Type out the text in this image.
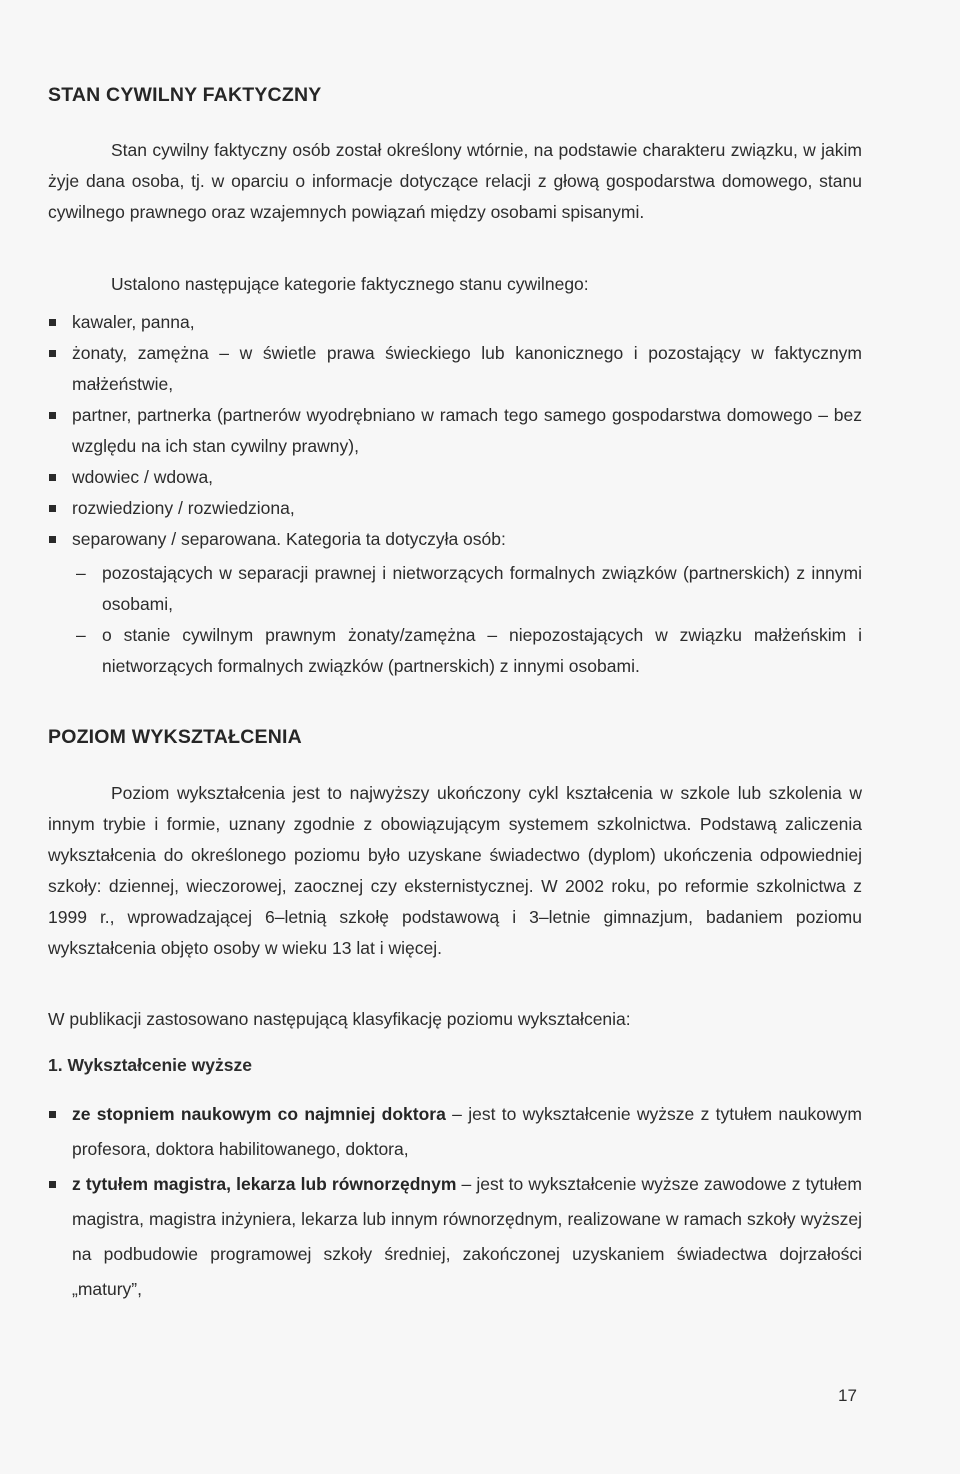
STAN CYWILNY FAKTYCZNY

Stan cywilny faktyczny osób został określony wtórnie, na podstawie charakteru związku, w jakim żyje dana osoba, tj. w oparciu o informacje dotyczące relacji z głową gospodarstwa domowego, stanu cywilnego prawnego oraz wzajemnych powiązań między osobami spisanymi.

Ustalono następujące kategorie faktycznego stanu cywilnego:

kawaler, panna,
żonaty, zamężna – w świetle prawa świeckiego lub kanonicznego i pozostający w faktycznym małżeństwie,
partner, partnerka (partnerów wyodrębniano w ramach tego samego gospodarstwa domowego – bez względu na ich stan cywilny prawny),
wdowiec / wdowa,
rozwiedziony / rozwiedziona,
separowany / separowana. Kategoria ta dotyczyła osób:
– pozostających w separacji prawnej i nietworzących formalnych związków (partnerskich) z innymi osobami,
– o stanie cywilnym prawnym żonaty/zamężna – niepozostających w związku małżeńskim i nietworzących formalnych związków (partnerskich) z innymi osobami.
POZIOM WYKSZTAŁCENIA

Poziom wykształcenia jest to najwyższy ukończony cykl kształcenia w szkole lub szkolenia w innym trybie i formie, uznany zgodnie z obowiązującym systemem szkolnictwa. Podstawą zaliczenia wykształcenia do określonego poziomu było uzyskane świadectwo (dyplom) ukończenia odpowiedniej szkoły: dziennej, wieczorowej, zaocznej czy eksternistycznej. W 2002 roku, po reformie szkolnictwa z 1999 r., wprowadzającej 6–letnią szkołę podstawową i 3–letnie gimnazjum, badaniem poziomu wykształcenia objęto osoby w wieku 13 lat i więcej.

W publikacji zastosowano następującą klasyfikację poziomu wykształcenia:

1. Wykształcenie wyższe
ze stopniem naukowym co najmniej doktora – jest to wykształcenie wyższe z tytułem naukowym profesora, doktora habilitowanego, doktora,
z tytułem magistra, lekarza lub równorzędnym – jest to wykształcenie wyższe zawodowe z tytułem magistra, magistra inżyniera, lekarza lub innym równorzędnym, realizowane w ramach szkoły wyższej na podbudowie programowej szkoły średniej, zakończonej uzyskaniem świadectwa dojrzałości „matury”,
17
